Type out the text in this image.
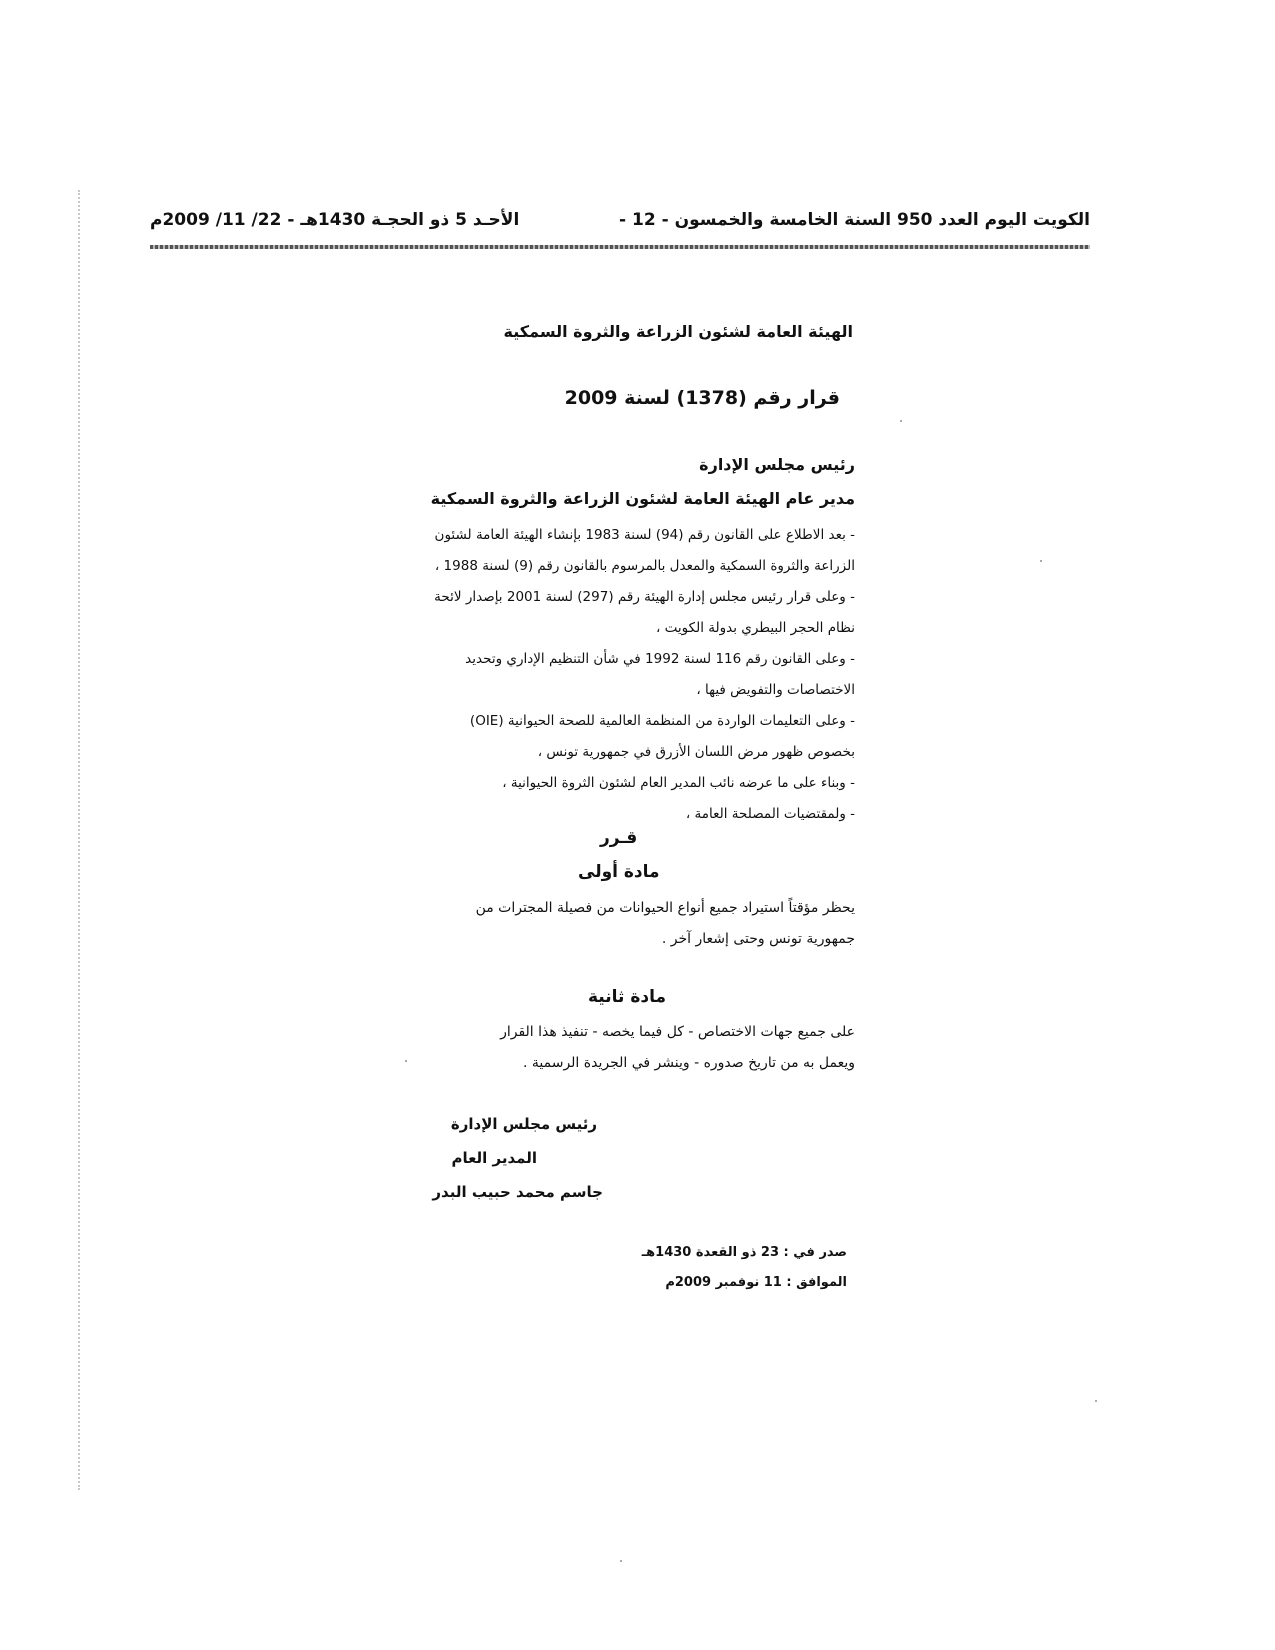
الكويت اليوم العدد 950 السنة الخامسة والخمسون - 12 -
الأحـد 5 ذو الحجـة 1430هـ - 22/ 11/ 2009م
الهيئة العامة لشئون الزراعة والثروة السمكية
قرار رقم (1378) لسنة 2009
رئيس مجلس الإدارة
مدير عام الهيئة العامة لشئون الزراعة والثروة السمكية

- بعد الاطلاع على القانون رقم (94) لسنة 1983 بإنشاء الهيئة العامة لشئون

الزراعة والثروة السمكية والمعدل بالمرسوم بالقانون رقم (9) لسنة 1988 ،

- وعلى قرار رئيس مجلس إدارة الهيئة رقم (297) لسنة 2001 بإصدار لائحة

نظام الحجر البيطري بدولة الكويت ،

- وعلى القانون رقم 116 لسنة 1992 في شأن التنظيم الإداري وتحديد

الاختصاصات والتفويض فيها ،

- وعلى التعليمات الواردة من المنظمة العالمية للصحة الحيوانية (OIE)

بخصوص ظهور مرض اللسان الأزرق في جمهورية تونس ،

- وبناء على ما عرضه نائب المدير العام لشئون الثروة الحيوانية ،

- ولمقتضيات المصلحة العامة ،

قـرر
مادة أولى
يحظر مؤقتاً استيراد جميع أنواع الحيوانات من فصيلة المجترات من
جمهورية تونس وحتى إشعار آخر .
مادة ثانية
على جميع جهات الاختصاص - كل فيما يخصه - تنفيذ هذا القرار
ويعمل به من تاريخ صدوره - وينشر في الجريدة الرسمية .
رئيس مجلس الإدارة
المدير العام
جاسم محمد حبيب البدر
صدر في : 23 ذو القعدة 1430هـ
الموافق : 11 نوفمبر 2009م
